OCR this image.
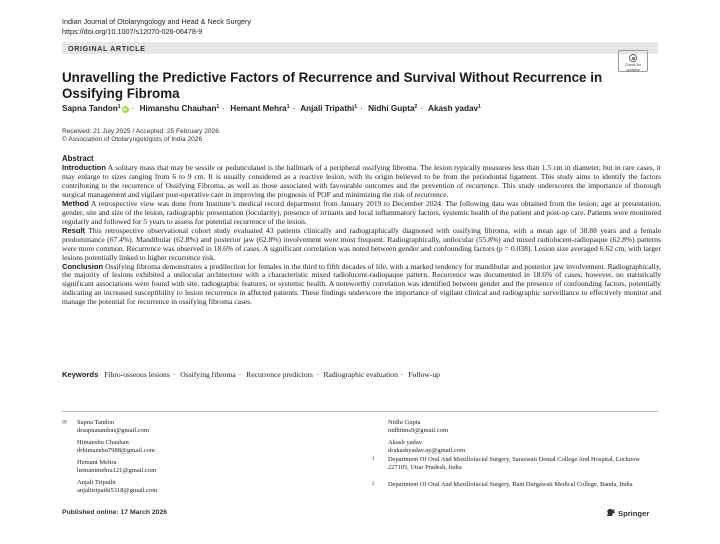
Indian Journal of Otolaryngology and Head & Neck Surgery
https://doi.org/10.1007/s12070-026-06478-9
ORIGINAL ARTICLE
Check for
updates
Unravelling the Predictive Factors of Recurrence and Survival Without Recurrence in Ossifying Fibroma
Sapna Tandon$^1$ iD · Himanshu Chauhan$^1$ · Hemant Mehra$^1$ · Anjali Tripathi$^1$ · Nidhi Gupta$^2$ · Akash yadav$^1$
Received: 21 July 2025 / Accepted: 25 February 2026
© Association of Otolaryngologists of India 2026
Abstract

Introduction A solitary mass that may be sessile or pedunculated is the hallmark of a peripheral ossifying fibroma. The lesion typically measures less than 1.5 cm in diameter, but in rare cases, it may enlarge to sizes ranging from 6 to 9 cm. It is usually considered as a reactive lesion, with its origin believed to be from the periodontal ligament. This study aims to identify the factors contributing to the recurrence of Ossifying Fibroma, as well as those associated with favourable outcomes and the prevention of recurrence. This study underscores the importance of thorough surgical management and vigilant post-operative care in improving the prognosis of POF and minimizing the risk of recurrence.

Method A retrospective view was done from Institute’s medical record department from January 2019 to December 2024. The following data was obtained from the lesion; age at presentation, gender, site and size of the lesion, radiographic presentation (locularity), presence of irritants and local inflammatory factors, systemic health of the patient and post-op care. Patients were monitored regularly and followed for 5 years to assess for potential recurrence of the lesion.

Result This retrospective observational cohort study evaluated 43 patients clinically and radiographically diagnosed with ossifying fibroma, with a mean age of 38.88 years and a female predominance (67.4%). Mandibular (62.8%) and posterior jaw (62.8%) involvement were most frequent. Radiographically, unilocular (55.8%) and mixed radiolucent-radiopaque (62.8%) patterns were more common. Recurrence was observed in 18.6% of cases. A significant correlation was noted between gender and confounding factors (p = 0.038). Lesion size averaged 6.62 cm, with larger lesions potentially linked to higher recurrence risk.

Conclusion Ossifying fibroma demonstrates a predilection for females in the third to fifth decades of life, with a marked tendency for mandibular and posterior jaw involvement. Radiographically, the majority of lesions exhibited a unilocular architecture with a characteristic mixed radiolucent-radiopaque pattern. Recurrence was documented in 18.6% of cases; however, no statistically significant associations were found with site, radiographic features, or systemic health. A noteworthy correlation was identified between gender and the presence of confounding factors, potentially indicating an increased susceptibility to lesion recurrence in affected patients. These findings underscore the importance of vigilant clinical and radiographic surveillance to effectively monitor and manage the potential for recurrence in ossifying fibroma cases.

Keywords Fibro-osseous lesions · Ossifying fibroma · Recurrence predictors · Radiographic evaluation · Follow-up
✉ Sapna Tandon
drsapnatandon@gmail.com
Himanshu Chauhan
drhimanshu7988@gmail.com
Hemant Mehra
hemantmehra121@gmail.com
Anjali Tripathi
anjalitripathi5318@gmail.com
Nidhi Gupta
nidhiims9@gmail.com
Akash yadav
drakashyadav.ay@gmail.com
1 Department Of Oral And Maxillofacial Surgery, Saraswati Dental College And Hospital, Lucknow 227105, Uttar Pradesh, India
2 Department Of Oral And Maxillofacial Surgery, Rani Durgawati Medical College, Banda, India
Published online: 17 March 2026	Springer
